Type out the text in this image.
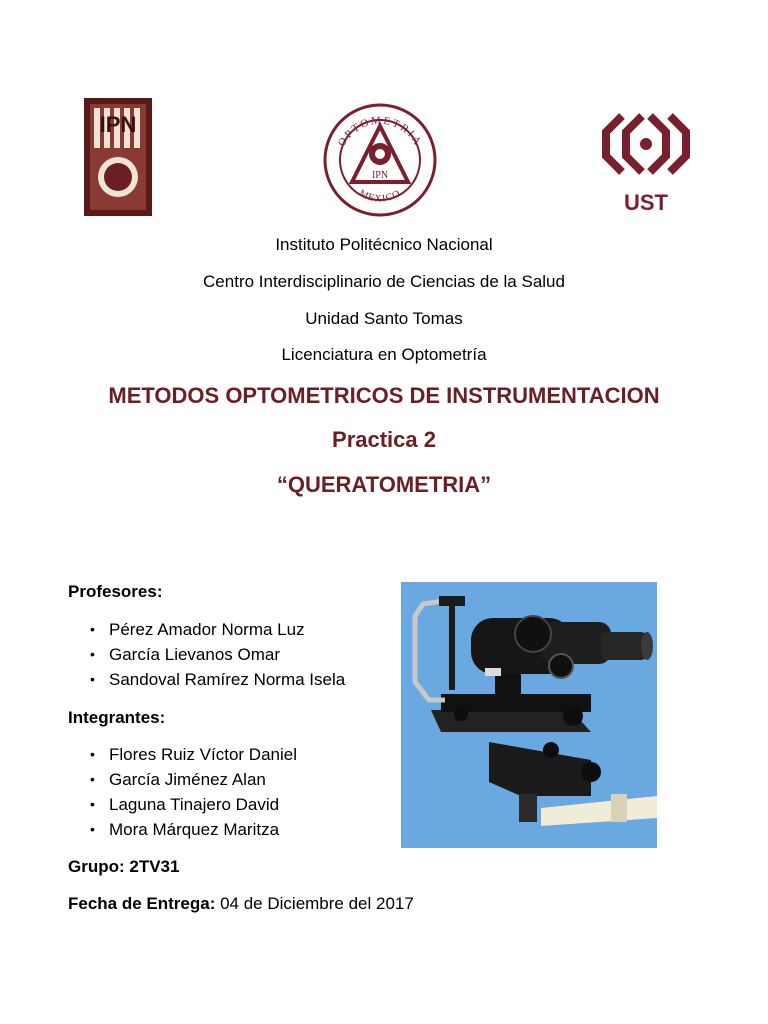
IPN
OPTOMETRIA
IPN
MEXICO	UST
Instituto Politécnico Nacional
Centro Interdisciplinario de Ciencias de la Salud
Unidad Santo Tomas
Licenciatura en Optometría
METODOS OPTOMETRICOS DE INSTRUMENTACION
Practica 2
“QUERATOMETRIA”
Profesores:
• Pérez Amador Norma Luz
• García Lievanos Omar
• Sandoval Ramírez Norma Isela
Integrantes:
• Flores Ruiz Víctor Daniel
• García Jiménez Alan
• Laguna Tinajero David
• Mora Márquez Maritza
Grupo: 2TV31
Fecha de Entrega: 04 de Diciembre del 2017
